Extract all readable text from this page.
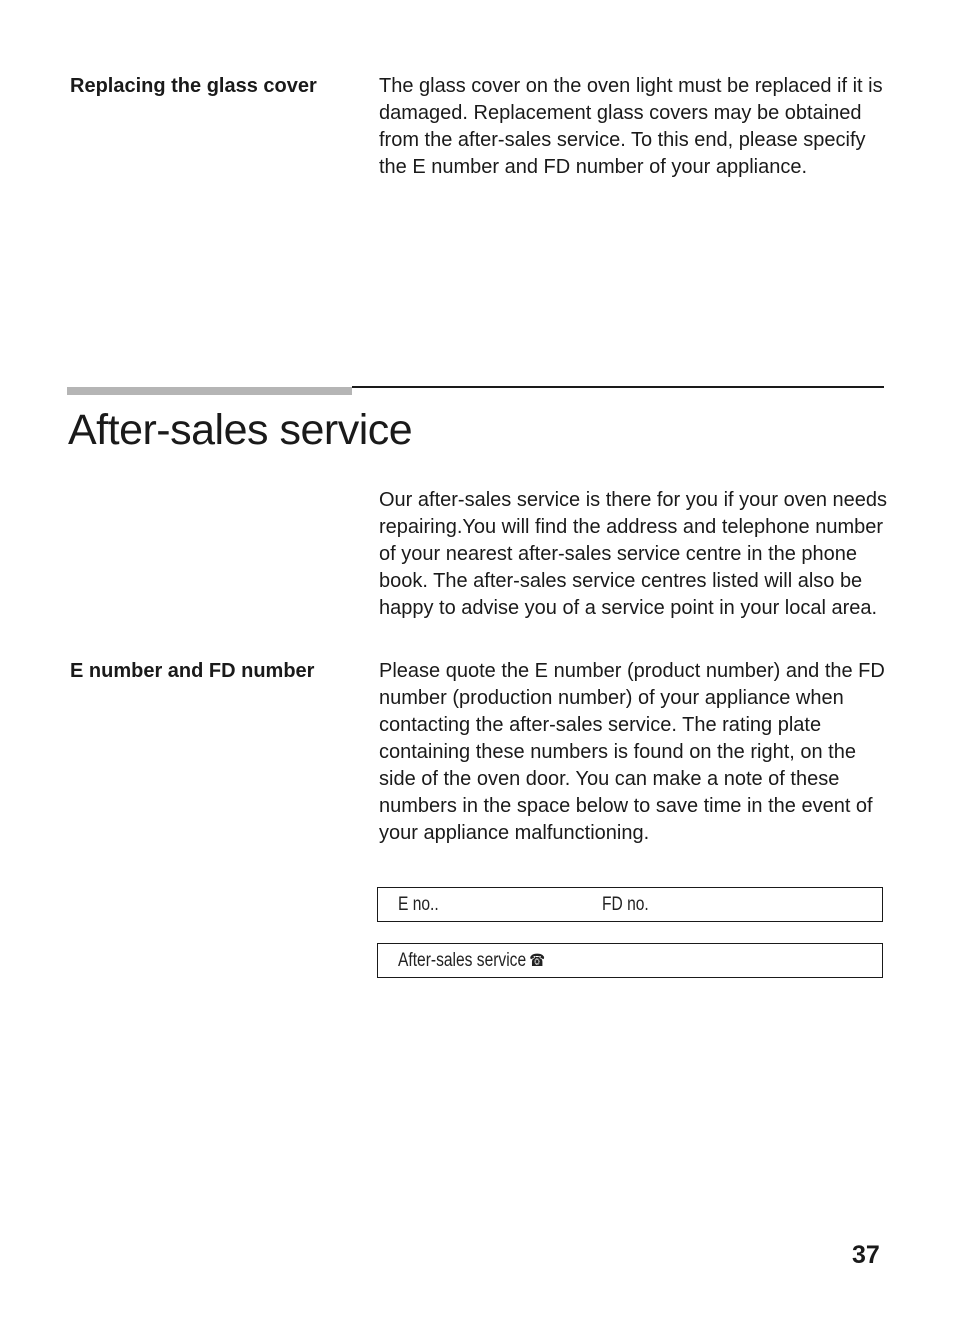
Replacing the glass cover	The glass cover on the oven light must be replaced if it is damaged. Replacement glass covers may be obtained from the after-sales service. To this end, please specify the E number and FD number of your appliance.
After-sales service
Our after-sales service is there for you if your oven needs repairing.You will find the address and telephone number of your nearest after-sales service centre in the phone book. The after-sales service centres listed will also be happy to advise you of a service point in your local area.
E number and FD number	Please quote the E number (product number) and the FD number (production number) of your appliance when contacting the after-sales service. The rating plate containing these numbers is found on the right, on the side of the oven door. You can make a note of these numbers in the space below to save time in the event of your appliance malfunctioning.
E no..	FD no.
After-sales service ☎
37
